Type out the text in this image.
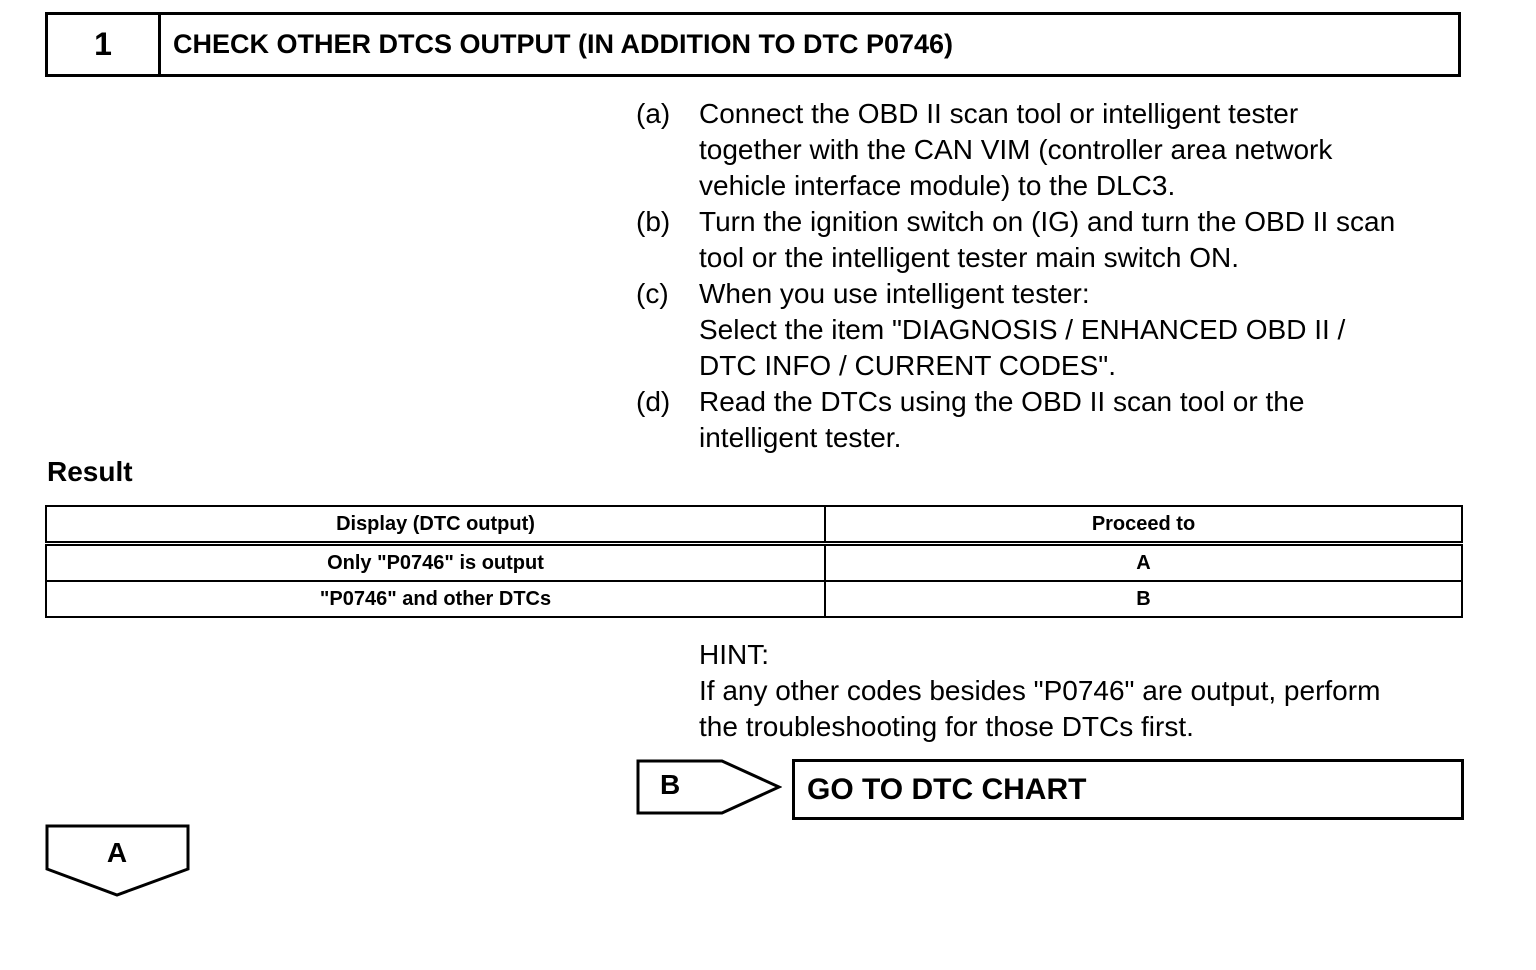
1	CHECK OTHER DTCS OUTPUT (IN ADDITION TO DTC P0746)
(a)	Connect the OBD II scan tool or intelligent tester
together with the CAN VIM (controller area network
vehicle interface module) to the DLC3.
(b)	Turn the ignition switch on (IG) and turn the OBD II scan
tool or the intelligent tester main switch ON.
(c)	When you use intelligent tester:
Select the item "DIAGNOSIS / ENHANCED OBD II /
DTC INFO / CURRENT CODES".
(d)	Read the DTCs using the OBD II scan tool or the
intelligent tester.
Result
Display (DTC output)	Proceed to
Only "P0746" is output	A
"P0746" and other DTCs	B
HINT:
If any other codes besides "P0746" are output, perform
the troubleshooting for those DTCs first.
B	GO TO DTC CHART
A
